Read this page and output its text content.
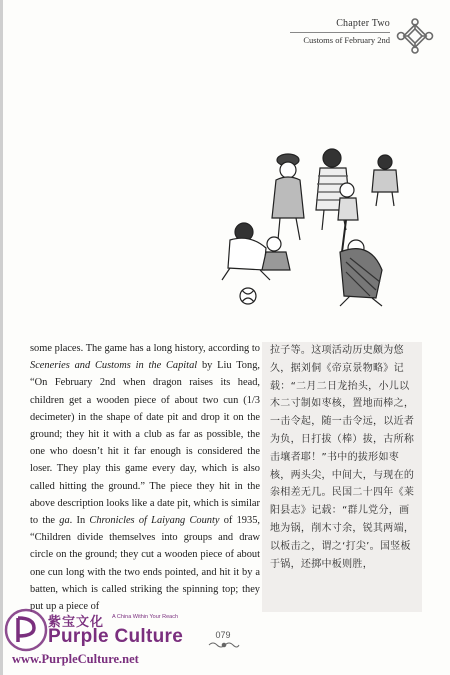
Chapter Two
Customs of February 2nd

some places. The game has a long history, according to Sceneries and Customs in the Capital by Liu Tong, “On February 2nd when dragon raises its head, children get a wooden piece of about two cun (1/3 decimeter) in the shape of date pit and drop it on the ground; they hit it with a club as far as possible, the one who doesn’t hit it far enough is considered the loser. They play this game every day, which is also called hitting the ground.” The piece they hit in the above description looks like a date pit, which is similar to the ga. In Chronicles of Laiyang County of 1935, “Children divide themselves into groups and draw circle on the ground; they cut a wooden piece of about one cun long with the two ends pointed, and hit it by a batten, which is called striking the spinning top; they put up a piece of

拉子等。这项活动历史颇为悠久，据刘侗《帝京景物略》记载：“二月二日龙抬头，小儿以木二寸制如枣核，置地而棒之，一击令起，随一击令远，以近者为负，日打拔（棒）拔，古所称击壤者耶！”书中的拔形如枣核，两头尖，中间大，与现在的尜相差无几。民国二十四年《莱阳县志》记载：“群儿党分，画地为锅，削木寸余，锐其两端，以板击之，谓之‘打尖’。国竖板于锅，还掷中板则胜，

079
紫宝文化 A China Within Your Reach
Purple Culture
www.PurpleCulture.net
